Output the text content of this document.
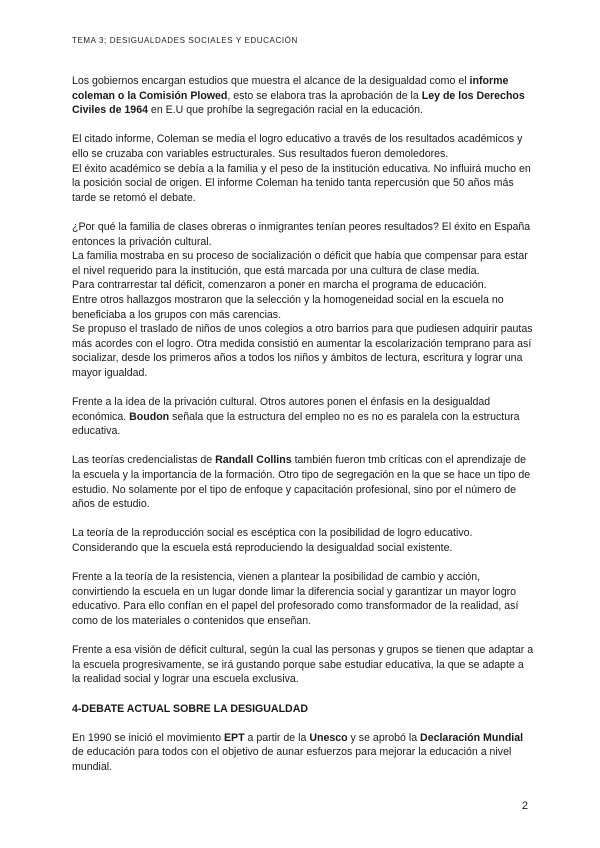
TEMA 3; DESIGUALDADES SOCIALES Y EDUCACIÓN

Los gobiernos encargan estudios que muestra el alcance de la desigualdad como el informe coleman o la Comisión Plowed, esto se elabora tras la aprobación de la Ley de los Derechos Civiles de 1964 en E.U que prohíbe la segregación racial en la educación.

El citado informe, Coleman se media el logro educativo a través de los resultados académicos y ello se cruzaba con variables estructurales. Sus resultados fueron demoledores.

El éxito académico se debía a la familia y el peso de la institución educativa. No influirá mucho en la posición social de origen. El informe Coleman ha tenido tanta repercusión que 50 años más tarde se retomó el debate.

¿Por qué la familia de clases obreras o inmigrantes tenían peores resultados? El éxito en España entonces la privación cultural.

La familia mostraba en su proceso de socialización o déficit que había que compensar para estar el nivel requerido para la institución, que está marcada por una cultura de clase media.

Para contrarrestar tal déficit, comenzaron a poner en marcha el programa de educación.

Entre otros hallazgos mostraron que la selección y la homogeneidad social en la escuela no beneficiaba a los grupos con más carencias.

Se propuso el traslado de niños de unos colegios a otro barrios para que pudiesen adquirir pautas más acordes con el logro. Otra medida consistió en aumentar la escolarización temprano para así socializar, desde los primeros años a todos los niños y ámbitos de lectura, escritura y lograr una mayor igualdad.

Frente a la idea de la privación cultural. Otros autores ponen el énfasis en la desigualdad económica. Boudon señala que la estructura del empleo no es no es paralela con la estructura educativa.

Las teorías credencialistas de Randall Collins también fueron tmb críticas con el aprendizaje de la escuela y la importancia de la formación. Otro tipo de segregación en la que se hace un tipo de estudio. No solamente por el tipo de enfoque y capacitación profesional, sino por el número de años de estudio.

La teoría de la reproducción social es escéptica con la posibilidad de logro educativo. Considerando que la escuela está reproduciendo la desigualdad social existente.

Frente a la teoría de la resistencia, vienen a plantear la posibilidad de cambio y acción, convirtiendo la escuela en un lugar donde limar la diferencia social y garantizar un mayor logro educativo. Para ello confían en el papel del profesorado como transformador de la realidad, así como de los materiales o contenidos que enseñan.

Frente a esa visión de déficit cultural, según la cual las personas y grupos se tienen que adaptar a la escuela progresivamente, se irá gustando porque sabe estudiar educativa, la que se adapte a la realidad social y lograr una escuela exclusiva.

4-DEBATE ACTUAL SOBRE LA DESIGUALDAD

En 1990 se inició el movimiento EPT a partir de la Unesco y se aprobó la Declaración Mundial de educación para todos con el objetivo de aunar esfuerzos para mejorar la educación a nivel mundial.

2
